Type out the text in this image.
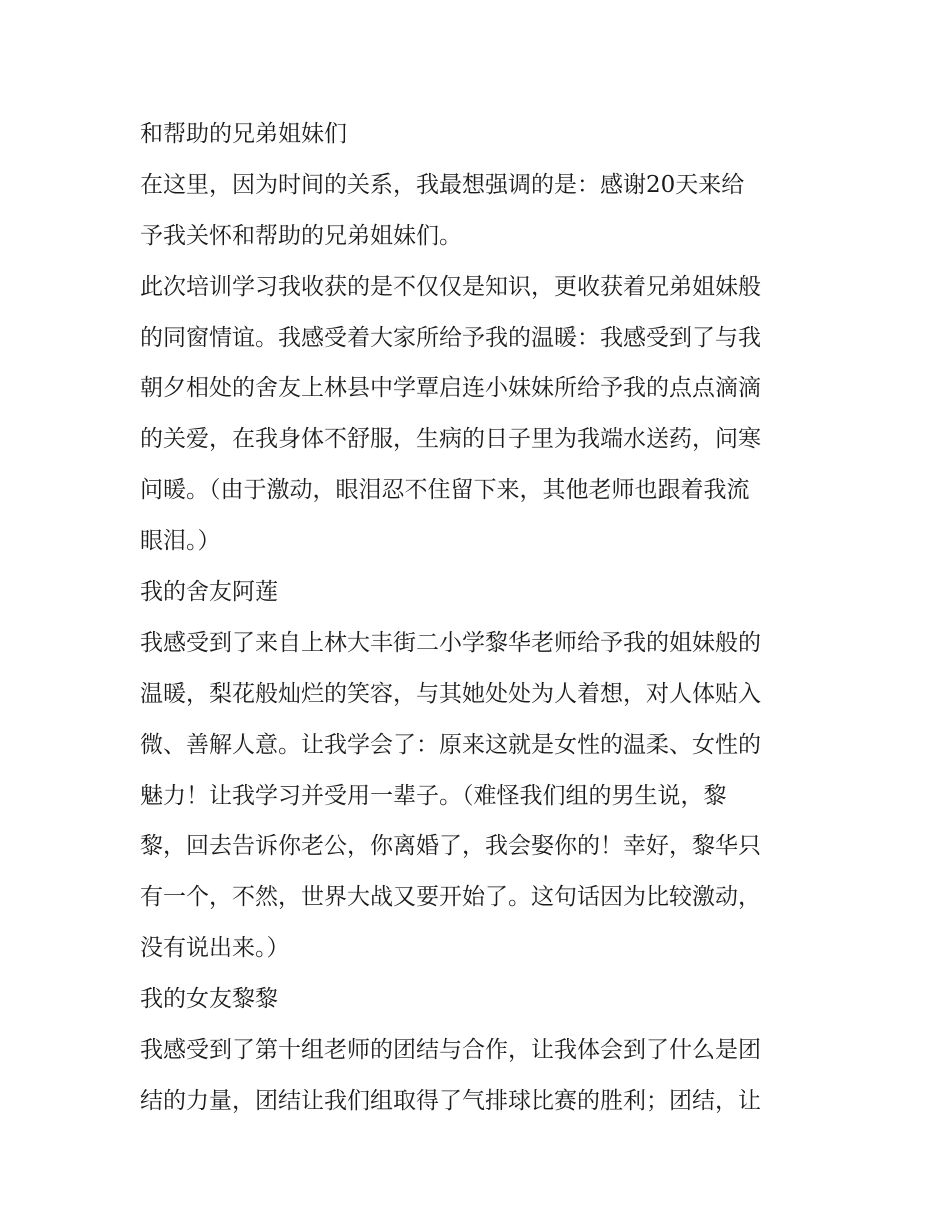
和帮助的兄弟姐妹们
在这里，因为时间的关系，我最想强调的是：感谢20天来给
予我关怀和帮助的兄弟姐妹们。
此次培训学习我收获的是不仅仅是知识，更收获着兄弟姐妹般
的同窗情谊。我感受着大家所给予我的温暖：我感受到了与我
朝夕相处的舍友上林县中学覃启连小妹妹所给予我的点点滴滴
的关爱，在我身体不舒服，生病的日子里为我端水送药，问寒
问暖。（由于激动，眼泪忍不住留下来，其他老师也跟着我流
眼泪。）
我的舍友阿莲
我感受到了来自上林大丰街二小学黎华老师给予我的姐妹般的
温暖，梨花般灿烂的笑容，与其她处处为人着想，对人体贴入
微、善解人意。让我学会了：原来这就是女性的温柔、女性的
魅力！让我学习并受用一辈子。（难怪我们组的男生说，黎
黎，回去告诉你老公，你离婚了，我会娶你的！幸好，黎华只
有一个，不然，世界大战又要开始了。这句话因为比较激动，
没有说出来。）
我的女友黎黎
我感受到了第十组老师的团结与合作，让我体会到了什么是团
结的力量，团结让我们组取得了气排球比赛的胜利；团结，让
